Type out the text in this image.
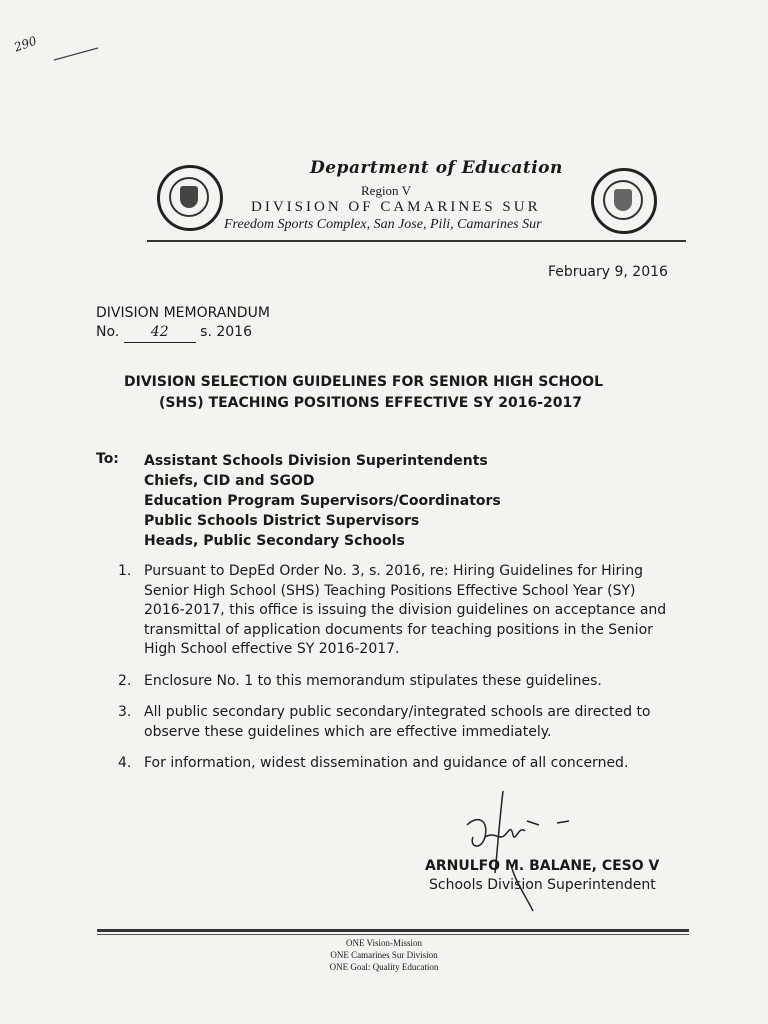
290
Department of Education
Region V
DIVISION OF CAMARINES SUR
Freedom Sports Complex, San Jose, Pili, Camarines Sur
February 9, 2016
DIVISION MEMORANDUM
No. 42 s. 2016
DIVISION SELECTION GUIDELINES FOR SENIOR HIGH SCHOOL
(SHS) TEACHING POSITIONS EFFECTIVE SY 2016-2017
To: Assistant Schools Division Superintendents
Chiefs, CID and SGOD
Education Program Supervisors/Coordinators
Public Schools District Supervisors
Heads, Public Secondary Schools
1. Pursuant to DepEd Order No. 3, s. 2016, re: Hiring Guidelines for Hiring Senior High School (SHS) Teaching Positions Effective School Year (SY) 2016-2017, this office is issuing the division guidelines on acceptance and transmittal of application documents for teaching positions in the Senior High School effective SY 2016-2017.
2. Enclosure No. 1 to this memorandum stipulates these guidelines.
3. All public secondary public secondary/integrated schools are directed to observe these guidelines which are effective immediately.
4. For information, widest dissemination and guidance of all concerned.
ARNULFO M. BALANE, CESO V
Schools Division Superintendent
ONE Vision-Mission
ONE Camarines Sur Division
ONE Goal: Quality Education
